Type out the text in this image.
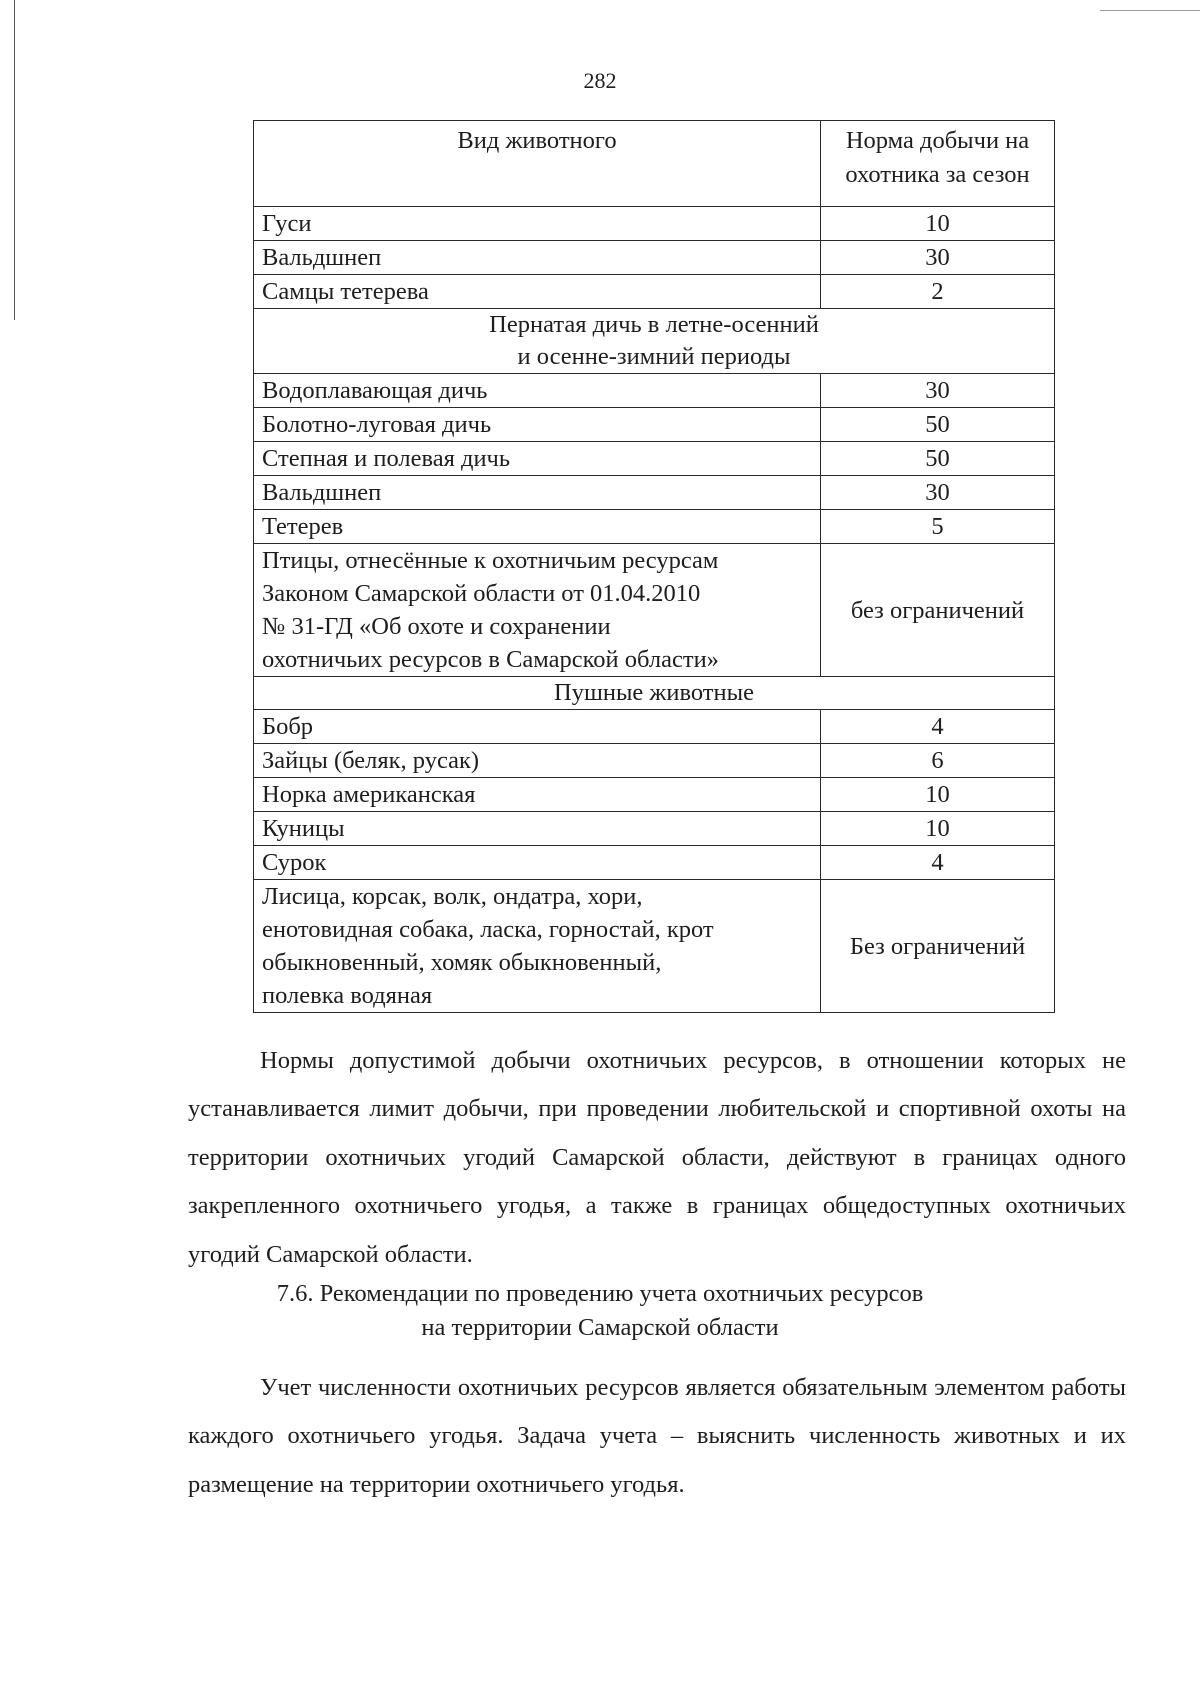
282
Вид животного	Норма добычи на
охотника за сезон

Гуси	10
Вальдшнеп	30
Самцы тетерева	2

Пернатая дичь в летне-осенний
и осенне-зимний периоды	

Водоплавающая дичь	30
Болотно-луговая дичь	50
Степная и полевая дичь	50
Вальдшнеп	30
Тетерев	5

Птицы, отнесённые к охотничьим ресурсам
Законом Самарской области от 01.04.2010
№ 31-ГД «Об охоте и сохранении
охотничьих ресурсов в Самарской области»	без ограничений
Пушные животные	
Бобр	4
Зайцы (беляк, русак)	6
Норка американская	10
Куницы	10
Сурок	4

Лисица, корсак, волк, ондатра, хори,
енотовидная собака, ласка, горностай, крот
обыкновенный, хомяк обыкновенный,
полевка водяная	Без ограничений

Нормы допустимой добычи охотничьих ресурсов, в отношении которых не устанавливается лимит добычи, при проведении любительской и спортивной охоты на территории охотничьих угодий Самарской области, действуют в границах одного закрепленного охотничьего угодья, а также в границах общедоступных охотничьих угодий Самарской области.

7.6. Рекомендации по проведению учета охотничьих ресурсов
на территории Самарской области

Учет численности охотничьих ресурсов является обязательным элементом работы каждого охотничьего угодья. Задача учета – выяснить численность животных и их размещение на территории охотничьего угодья.
